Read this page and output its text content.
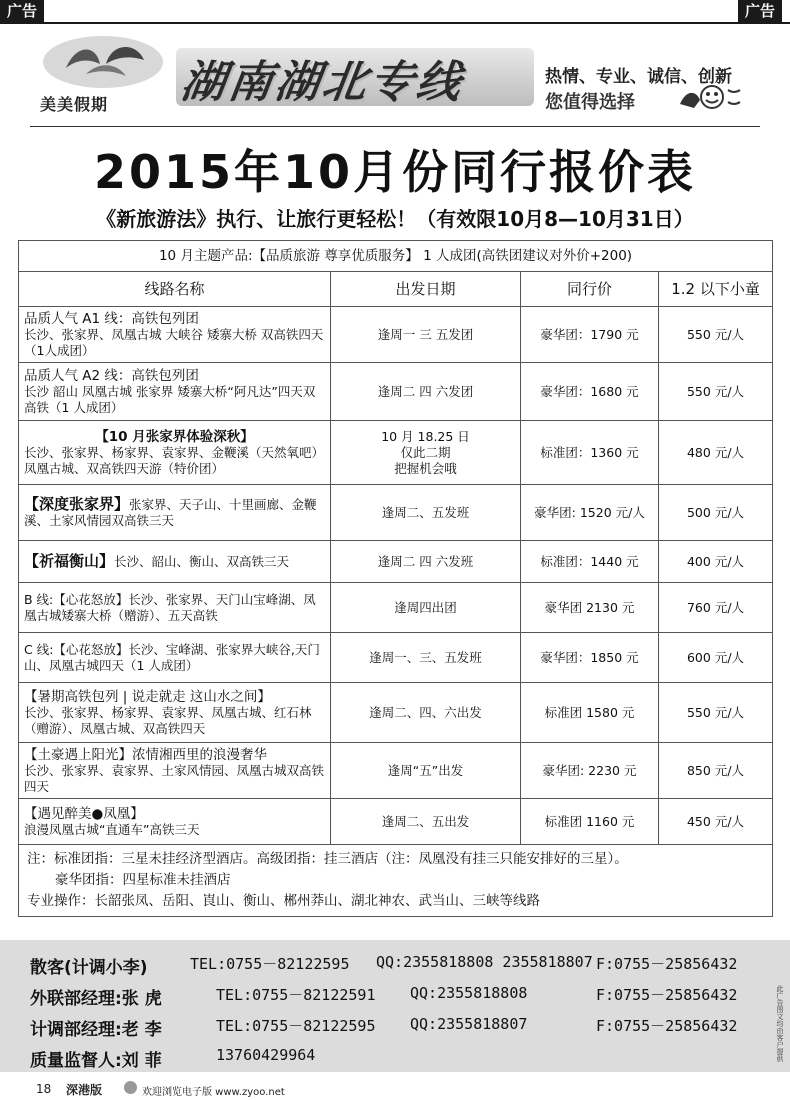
广告	广告
美美假期 湖南湖北专线	热情、专业、诚信、创新
您值得选择
2015年10月份同行报价表
《新旅游法》执行、让旅行更轻松！（有效限10月8—10月31日）
10 月主题产品:【品质旅游 尊享优质服务】 1 人成团(高铁团建议对外价+200)			
线路名称	出发日期	同行价	1.2 以下小童

品质人气 A1 线：高铁包列团
长沙、张家界、凤凰古城 大峡谷 矮寨大桥 双高铁四天（1人成团）	逢周一 三 五发团	豪华团：1790 元	550 元/人

品质人气 A2 线：高铁包列团
长沙 韶山 凤凰古城 张家界 矮寨大桥“阿凡达”四天双高铁（1 人成团）	逢周二 四 六发团	豪华团：1680 元	550 元/人

【10 月张家界体验深秋】
长沙、张家界、杨家界、袁家界、金鞭溪（天然氧吧）凤凰古城、双高铁四天游（特价团）	10 月 18.25 日
仅此二期
把握机会哦	标准团：1360 元	480 元/人
【深度张家界】张家界、天子山、十里画廊、金鞭溪、土家风情园双高铁三天	逢周二、五发班	豪华团: 1520 元/人	500 元/人
【祈福衡山】长沙、韶山、衡山、双高铁三天	逢周二 四 六发班	标准团：1440 元	400 元/人
B 线:【心花怒放】长沙、张家界、天门山宝峰湖、凤凰古城矮寨大桥（赠游）、五天高铁	逢周四出团	豪华团 2130 元	760 元/人
C 线:【心花怒放】长沙、宝峰湖、张家界大峡谷,天门山、凤凰古城四天（1 人成团）	逢周一、三、五发班	豪华团：1850 元	600 元/人

【暑期高铁包列 | 说走就走 这山水之间】
长沙、张家界、杨家界、袁家界、凤凰古城、红石林（赠游）、凤凰古城、双高铁四天	逢周二、四、六出发	标准团 1580 元	550 元/人

【土豪遇上阳光】浓情湘西里的浪漫奢华
长沙、张家界、袁家界、土家风情园、凤凰古城双高铁四天	逢周“五”出发	豪华团: 2230 元	850 元/人

【遇见醉美●凤凰】
浪漫凤凰古城“直通车”高铁三天	逢周二、五出发	标准团 1160 元	450 元/人

注：标准团指：三星未挂经济型酒店。高级团指：挂三酒店（注：凤凰没有挂三只能安排好的三星）。
豪华团指：四星标准未挂酒店
专业操作：长韶张凤、岳阳、崀山、衡山、郴州莽山、湖北神农、武当山、三峡等线路			
散客(计调小李)	TEL:0755－82122595 QQ:2355818808 2355818807 F:0755－25856432
外联部经理:张 虎	TEL:0755－82122591 QQ:2355818808	F:0755－25856432
计调部经理:老 李	TEL:0755－82122595 QQ:2355818807	F:0755－25856432
质量监督人:刘 菲	13760429964
18 深港版	欢迎浏览电子版 www.zyoo.net
此广告图文均由客户提供
